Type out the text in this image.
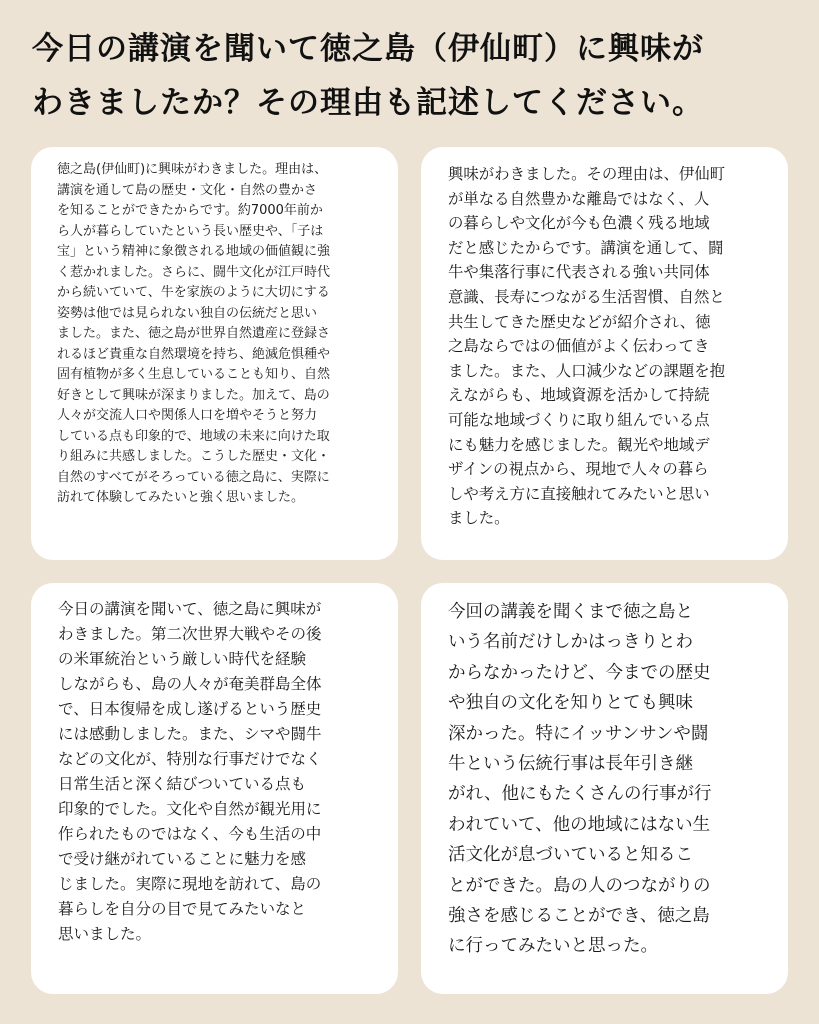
今日の講演を聞いて徳之島（伊仙町）に興味が
わきましたか？その理由も記述してください。
徳之島(伊仙町)に興味がわきました。理由は、
講演を通して島の歴史・文化・自然の豊かさ
を知ることができたからです。約7000年前か
ら人が暮らしていたという長い歴史や、「子は
宝」という精神に象徴される地域の価値観に強
く惹かれました。さらに、闘牛文化が江戸時代
から続いていて、牛を家族のように大切にする
姿勢は他では見られない独自の伝統だと思い
ました。また、徳之島が世界自然遺産に登録さ
れるほど貴重な自然環境を持ち、絶滅危惧種や
固有植物が多く生息していることも知り、自然
好きとして興味が深まりました。加えて、島の
人々が交流人口や関係人口を増やそうと努力
している点も印象的で、地域の未来に向けた取
り組みに共感しました。こうした歴史・文化・
自然のすべてがそろっている徳之島に、実際に
訪れて体験してみたいと強く思いました。
興味がわきました。その理由は、伊仙町
が単なる自然豊かな離島ではなく、人
の暮らしや文化が今も色濃く残る地域
だと感じたからです。講演を通して、闘
牛や集落行事に代表される強い共同体
意識、長寿につながる生活習慣、自然と
共生してきた歴史などが紹介され、徳
之島ならではの価値がよく伝わってき
ました。また、人口減少などの課題を抱
えながらも、地域資源を活かして持続
可能な地域づくりに取り組んでいる点
にも魅力を感じました。観光や地域デ
ザインの視点から、現地で人々の暮ら
しや考え方に直接触れてみたいと思い
ました。
今日の講演を聞いて、徳之島に興味が
わきました。第二次世界大戦やその後
の米軍統治という厳しい時代を経験
しながらも、島の人々が奄美群島全体
で、日本復帰を成し遂げるという歴史
には感動しました。また、シマや闘牛
などの文化が、特別な行事だけでなく
日常生活と深く結びついている点も
印象的でした。文化や自然が観光用に
作られたものではなく、今も生活の中
で受け継がれていることに魅力を感
じました。実際に現地を訪れて、島の
暮らしを自分の目で見てみたいなと
思いました。
今回の講義を聞くまで徳之島と
いう名前だけしかはっきりとわ
からなかったけど、今までの歴史
や独自の文化を知りとても興味
深かった。特にイッサンサンや闘
牛という伝統行事は長年引き継
がれ、他にもたくさんの行事が行
われていて、他の地域にはない生
活文化が息づいていると知るこ
とができた。島の人のつながりの
強さを感じることができ、徳之島
に行ってみたいと思った。
